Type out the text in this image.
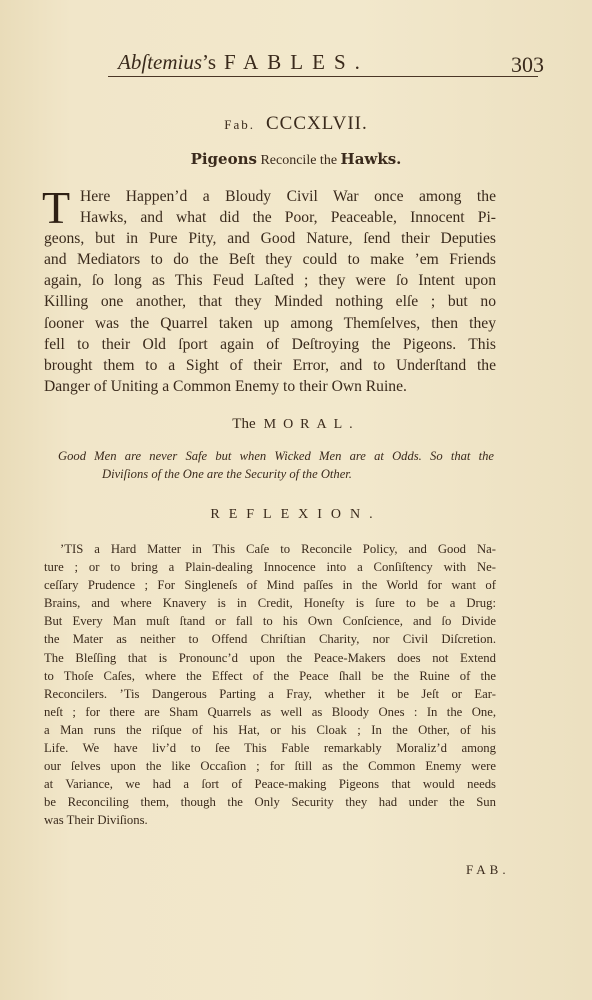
Abſtemius’s FABLES.	303
Fab. CCCXLVII.
Pigeons Reconcile the Hawks.
T Here Happen’d a Bloudy Civil War once among the
Hawks, and what did the Poor, Peaceable, Innocent Pi-
geons, but in Pure Pity, and Good Nature, ſend their Deputies
and Mediators to do the Beſt they could to make ’em Friends
again, ſo long as This Feud Laſted ; they were ſo Intent upon
Killing one another, that they Minded nothing elſe ; but no
ſooner was the Quarrel taken up among Themſelves, then they
fell to their Old ſport again of Deſtroying the Pigeons. This
brought them to a Sight of their Error, and to Underſtand the
Danger of Uniting a Common Enemy to their Own Ruine.
The MORAL.
Good Men are never Safe but when Wicked Men are at Odds. So that the
Diviſions of the One are the Security of the Other.
REFLEXION.
’TIS a Hard Matter in This Caſe to Reconcile Policy, and Good Na-
ture ; or to bring a Plain-dealing Innocence into a Conſiſtency with Ne-
ceſſary Prudence ; For Singleneſs of Mind paſſes in the World for want of
Brains, and where Knavery is in Credit, Honeſty is ſure to be a Drug:
But Every Man muſt ſtand or fall to his Own Conſcience, and ſo Divide
the Mater as neither to Offend Chriſtian Charity, nor Civil Diſcretion.
The Bleſſing that is Pronounc’d upon the Peace-Makers does not Extend
to Thoſe Caſes, where the Effect of the Peace ſhall be the Ruine of the
Reconcilers. ’Tis Dangerous Parting a Fray, whether it be Jeſt or Ear-
neſt ; for there are Sham Quarrels as well as Bloody Ones : In the One,
a Man runs the riſque of his Hat, or his Cloak ; In the Other, of his
Life. We have liv’d to ſee This Fable remarkably Moraliz’d among
our ſelves upon the like Occaſion ; for ſtill as the Common Enemy were
at Variance, we had a ſort of Peace-making Pigeons that would needs
be Reconciling them, though the Only Security they had under the Sun
was Their Diviſions.
FAB.
